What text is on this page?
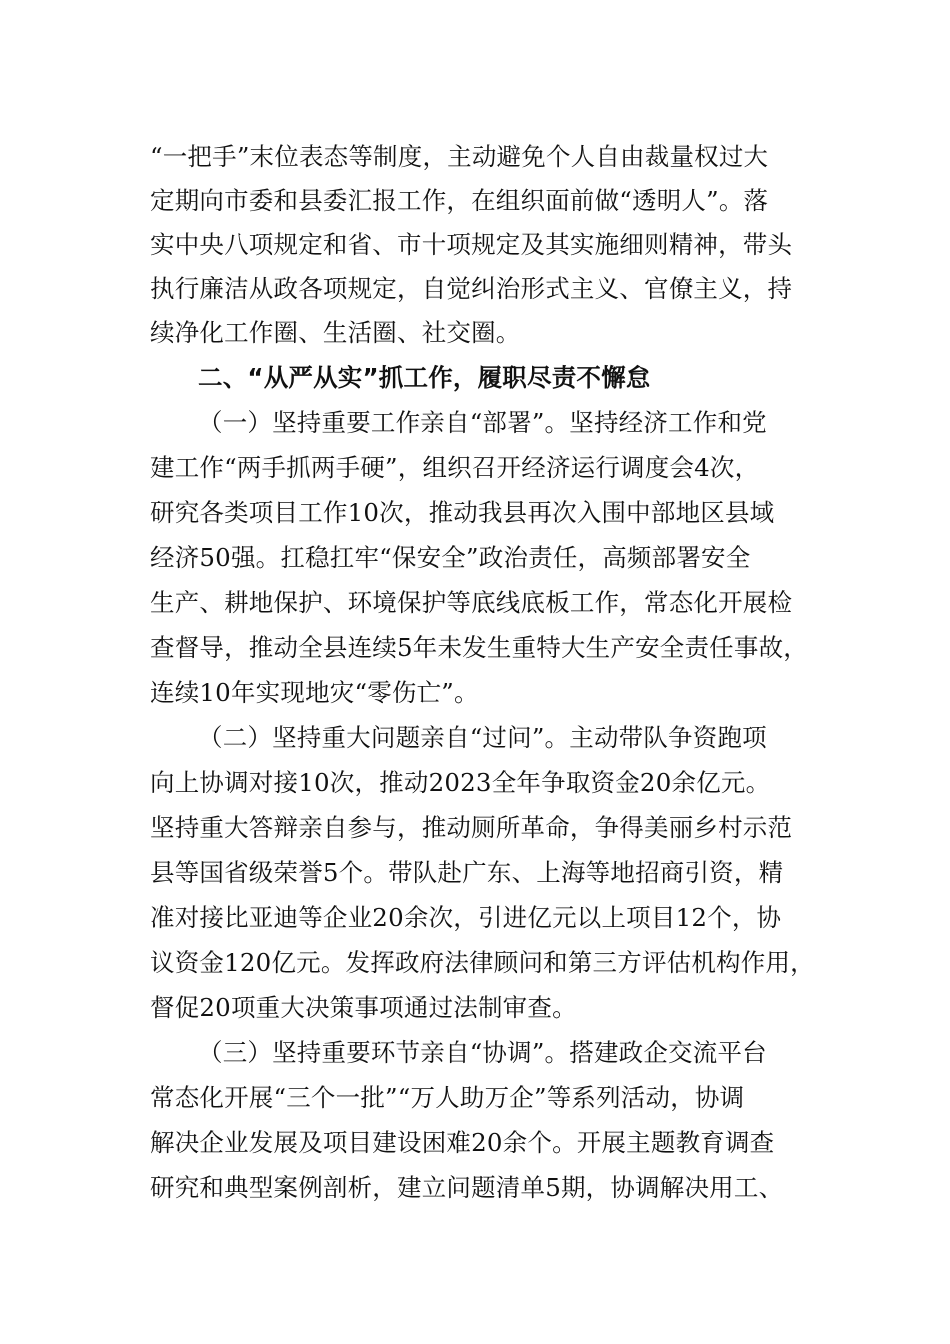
“一把手”末位表态等制度，主动避免个人自由裁量权过大
定期向市委和县委汇报工作，在组织面前做“透明人”。落
实中央八项规定和省、市十项规定及其实施细则精神，带头
执行廉洁从政各项规定，自觉纠治形式主义、官僚主义，持
续净化工作圈、生活圈、社交圈。
二、“从严从实”抓工作，履职尽责不懈怠
（一）坚持重要工作亲自“部署”。坚持经济工作和党
建工作“两手抓两手硬”，组织召开经济运行调度会4次，
研究各类项目工作10次，推动我县再次入围中部地区县域
经济50强。扛稳扛牢“保安全”政治责任，高频部署安全
生产、耕地保护、环境保护等底线底板工作，常态化开展检
查督导，推动全县连续5年未发生重特大生产安全责任事故，
连续10年实现地灾“零伤亡”。
（二）坚持重大问题亲自“过问”。主动带队争资跑项
向上协调对接10次，推动2023全年争取资金20余亿元。
坚持重大答辩亲自参与，推动厕所革命，争得美丽乡村示范
县等国省级荣誉5个。带队赴广东、上海等地招商引资，精
准对接比亚迪等企业20余次，引进亿元以上项目12个，协
议资金120亿元。发挥政府法律顾问和第三方评估机构作用，
督促20项重大决策事项通过法制审查。
（三）坚持重要环节亲自“协调”。搭建政企交流平台
常态化开展“三个一批”“万人助万企”等系列活动，协调
解决企业发展及项目建设困难20余个。开展主题教育调查
研究和典型案例剖析，建立问题清单5期，协调解决用工、
